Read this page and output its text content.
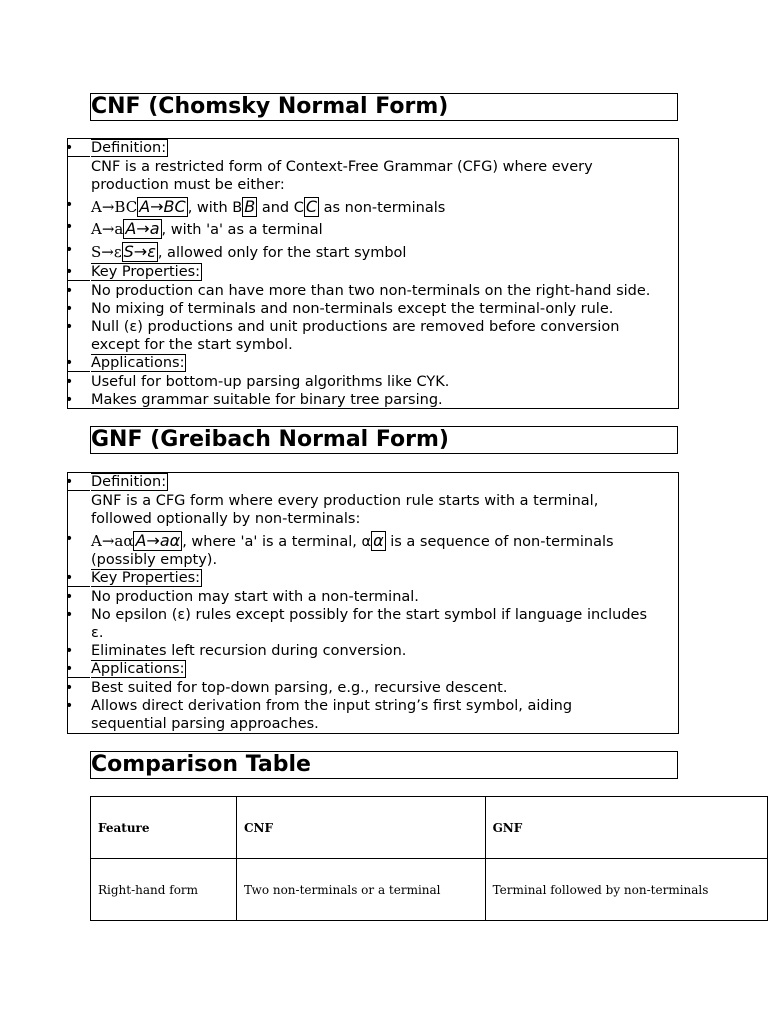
CNF (Chomsky Normal Form)
• Definition:
CNF is a restricted form of Context-Free Grammar (CFG) where every
production must be either:
• A→BC A→BC , with B B and C C as non-terminals
• A→a A→a , with 'a' as a terminal
• S→ε S→ε , allowed only for the start symbol
• Key Properties:
• No production can have more than two non-terminals on the right-hand side.
• No mixing of terminals and non-terminals except the terminal-only rule.
• Null (ε) productions and unit productions are removed before conversion
except for the start symbol.
• Applications:
• Useful for bottom-up parsing algorithms like CYK.
• Makes grammar suitable for binary tree parsing.
GNF (Greibach Normal Form)
• Definition:
GNF is a CFG form where every production rule starts with a terminal,
followed optionally by non-terminals:
• A→aα A→aα , where 'a' is a terminal, α α is a sequence of non-terminals
(possibly empty).
• Key Properties:
• No production may start with a non-terminal.
• No epsilon (ε) rules except possibly for the start symbol if language includes
ε.
• Eliminates left recursion during conversion.
• Applications:
• Best suited for top-down parsing, e.g., recursive descent.
• Allows direct derivation from the input string’s first symbol, aiding
sequential parsing approaches.
Comparison Table
Feature	CNF	GNF
Right-hand form	Two non-terminals or a terminal	Terminal followed by non-terminals
